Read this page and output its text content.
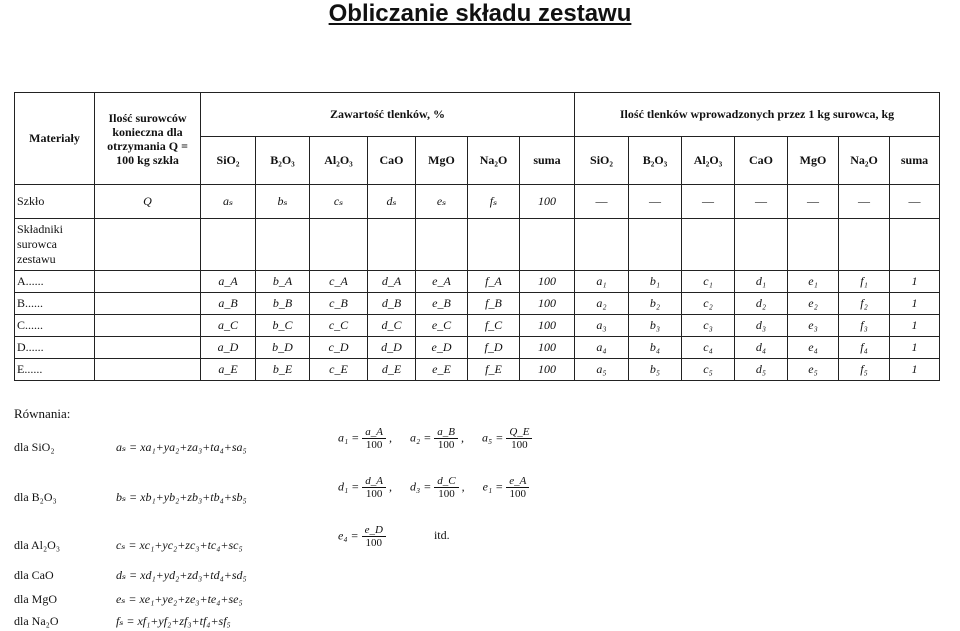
Obliczanie składu zestawu
Materiały	Ilość surowców konieczna dla otrzymania Q = 100 kg szkła	Zawartość tlenków, %							Ilość tlenków wprowadzonych przez 1 kg surowca, kg						
		SiO₂	B₂O₃	Al₂O₃	CaO	MgO	Na₂O	suma	SiO₂	B₂O₃	Al₂O₃	CaO	MgO	Na₂O	suma
Szkło	Q	aₛ	bₛ	cₛ	dₛ	eₛ	fₛ	100	—	—	—	—	—	—	—
Składniki surowca zestawu															
A......		a_A	b_A	c_A	d_A	e_A	f_A	100	a₁	b₁	c₁	d₁	e₁	f₁	1
B......		a_B	b_B	c_B	d_B	e_B	f_B	100	a₂	b₂	c₂	d₂	e₂	f₂	1
C......		a_C	b_C	c_C	d_C	e_C	f_C	100	a₃	b₃	c₃	d₃	e₃	f₃	1
D......		a_D	b_D	c_D	d_D	e_D	f_D	100	a₄	b₄	c₄	d₄	e₄	f₄	1
E......		a_E	b_E	c_E	d_E	e_E	f_E	100	a₅	b₅	c₅	d₅	e₅	f₅	1
Równania:
dla SiO₂	aₛ = xa₁+ya₂+za₃+ta₄+sa₅
dla B₂O₃	bₛ = xb₁+yb₂+zb₃+tb₄+sb₅
dla Al₂O₃	cₛ = xc₁+yc₂+zc₃+tc₄+sc₅
dla CaO	dₛ = xd₁+yd₂+zd₃+td₄+sd₅
dla MgO	eₛ = xe₁+ye₂+ze₃+te₄+se₅
dla Na₂O	fₛ = xf₁+yf₂+zf₃+tf₄+sf₅
$a_1 = \frac{a\_A}{100}$ , $a_2 = \frac{a\_B}{100}$ , $a_5 = \frac{Q\_E}{100}$
$d_1 = \frac{d\_A}{100}$ , $d_3 = \frac{d\_C}{100}$ , $e_1 = \frac{e\_A}{100}$
$e_4 = \frac{e\_D}{100}$	itd.
